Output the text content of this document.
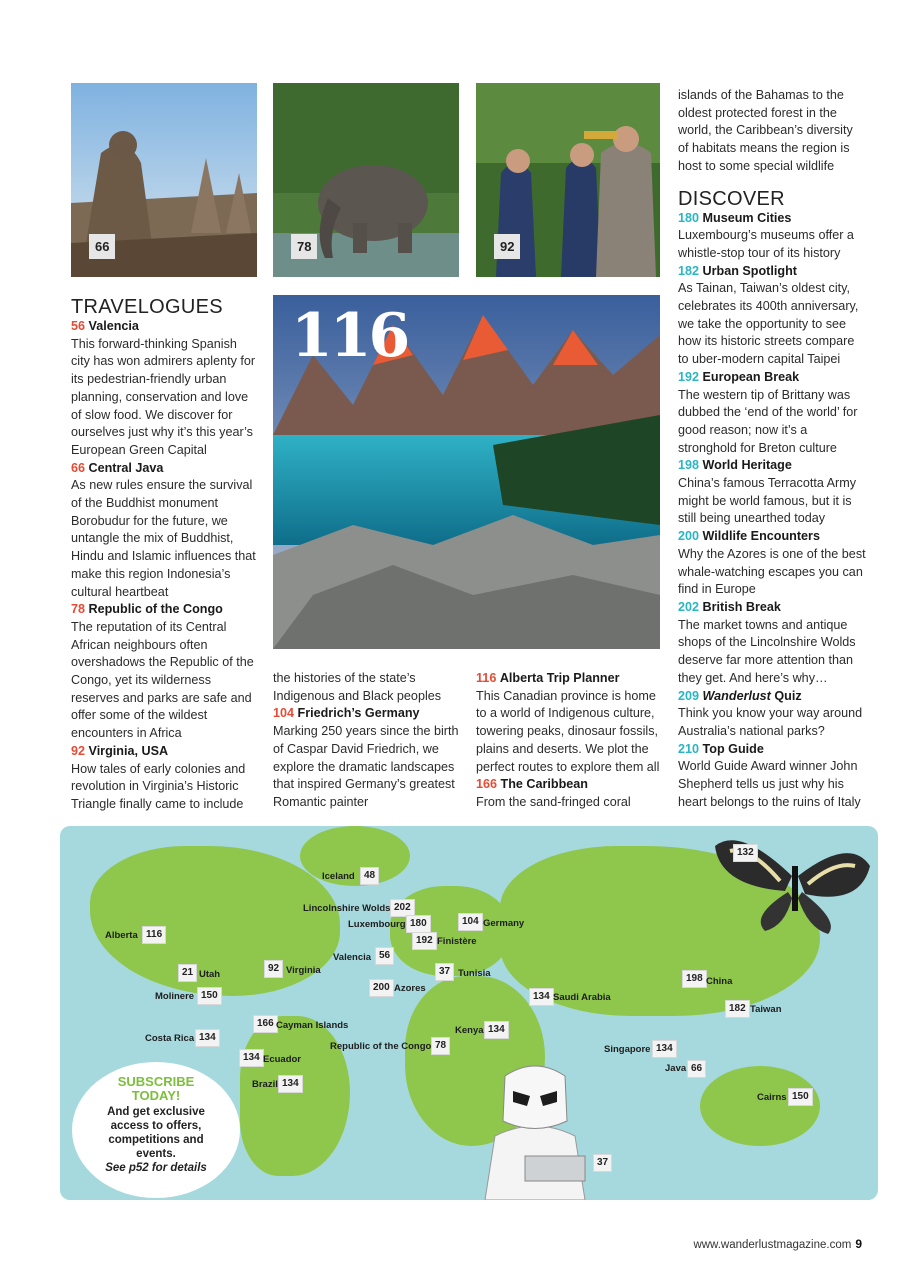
66	78	92
116

TRAVELOGUES

56 Valencia

This forward-thinking Spanish city has won admirers aplenty for its pedestrian-friendly urban planning, conservation and love of slow food. We discover for ourselves just why it’s this year’s European Green Capital

66 Central Java

As new rules ensure the survival of the Buddhist monument Borobudur for the future, we untangle the mix of Buddhist, Hindu and Islamic influences that make this region Indonesia’s cultural heartbeat

78 Republic of the Congo

The reputation of its Central African neighbours often overshadows the Republic of the Congo, yet its wilderness reserves and parks are safe and offer some of the wildest encounters in Africa

92 Virginia, USA

How tales of early colonies and revolution in Virginia’s Historic Triangle finally came to include

the histories of the state’s Indigenous and Black peoples

104 Friedrich’s Germany

Marking 250 years since the birth of Caspar David Friedrich, we explore the dramatic landscapes that inspired Germany’s greatest Romantic painter

116 Alberta Trip Planner

This Canadian province is home to a world of Indigenous culture, towering peaks, dinosaur fossils, plains and deserts. We plot the perfect routes to explore them all

166 The Caribbean

From the sand-fringed coral

islands of the Bahamas to the oldest protected forest in the world, the Caribbean’s diversity of habitats means the region is host to some special wildlife

DISCOVER

180 Museum Cities

Luxembourg’s museums offer a whistle-stop tour of its history

182 Urban Spotlight

As Tainan, Taiwan’s oldest city, celebrates its 400th anniversary, we take the opportunity to see how its historic streets compare to uber-modern capital Taipei

192 European Break

The western tip of Brittany was dubbed the ‘end of the world’ for good reason; now it’s a stronghold for Breton culture

198 World Heritage

China’s famous Terracotta Army might be world famous, but it is still being unearthed today

200 Wildlife Encounters

Why the Azores is one of the best whale-watching escapes you can find in Europe

202 British Break

The market towns and antique shops of the Lincolnshire Wolds deserve far more attention than they get. And here’s why…

209 Wanderlust Quiz

Think you know your way around Australia’s national parks?

210 Top Guide

World Guide Award winner John Shepherd tells us just why his heart belongs to the ruins of Italy

Iceland 48
Lincolnshire Wolds 202
Luxembourg 180
192 Finistère
104 Germany
Alberta 116
21 Utah
92 Virginia
Valencia 56
37 Tunisia
200 Azores
Molinere 150
166 Cayman Islands
134 Saudi Arabia
198 China
182 Taiwan
Costa Rica 134
Kenya 134
Republic of the Congo 78
134 Ecuador
Singapore 134
Java 66
Brazil 134
Cairns 150
132
37
SUBSCRIBE
TODAY!
And get exclusive access to offers, competitions and events.
See p52 for details
www.wanderlustmagazine.com 9
